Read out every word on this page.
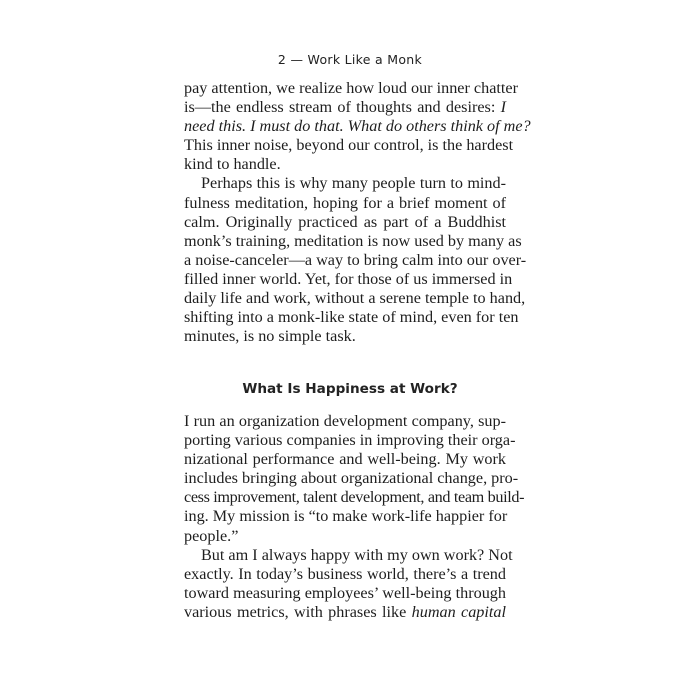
2 — Work Like a Monk
pay attention, we realize how loud our inner chatter
is—the endless stream of thoughts and desires: I
need this. I must do that. What do others think of me?
This inner noise, beyond our control, is the hardest
kind to handle.
Perhaps this is why many people turn to mind-
fulness meditation, hoping for a brief moment of
calm. Originally practiced as part of a Buddhist
monk’s training, meditation is now used by many as
a noise-canceler—a way to bring calm into our over-
filled inner world. Yet, for those of us immersed in
daily life and work, without a serene temple to hand,
shifting into a monk-like state of mind, even for ten
minutes, is no simple task.
What Is Happiness at Work?
I run an organization development company, sup-
porting various companies in improving their orga-
nizational performance and well-being. My work
includes bringing about organizational change, pro-
cess improvement, talent development, and team build-
ing. My mission is “to make work-life happier for
people.”
But am I always happy with my own work? Not
exactly. In today’s business world, there’s a trend
toward measuring employees’ well-being through
various metrics, with phrases like human capital
